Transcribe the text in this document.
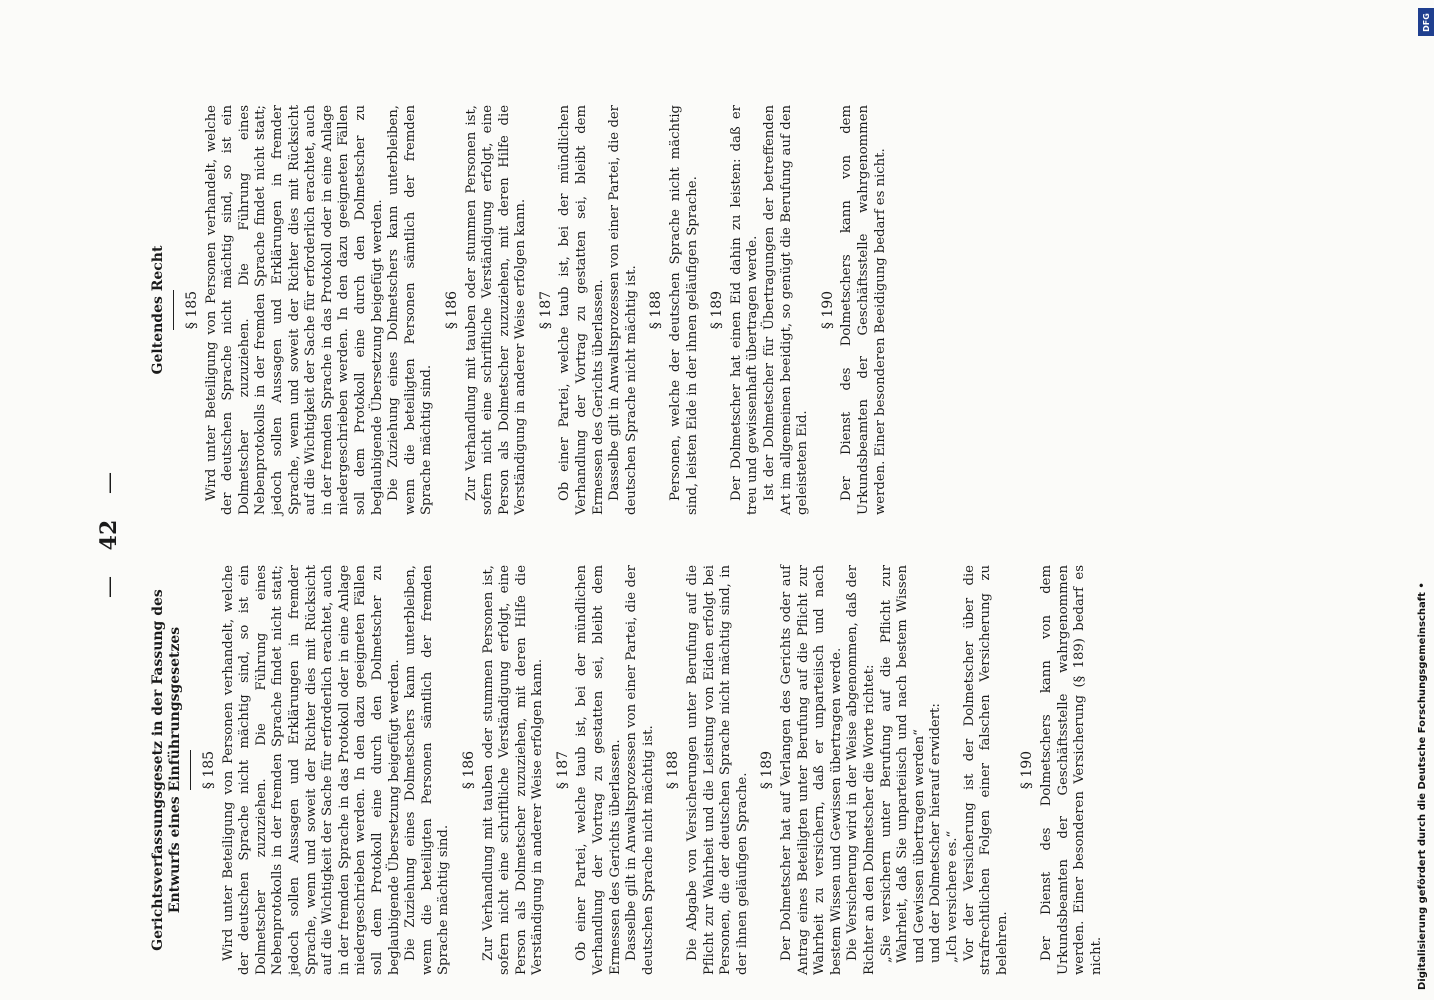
— 42 —
Gerichtsverfassungsgesetz in der Fassung des Entwurfs eines Einführungsgesetzes § 185 Wird unter Beteiligung von Personen verhandelt, welche der deutschen Sprache nicht mächtig sind, so ist ein Dolmetscher zuzuziehen. Die Führung eines Nebenprotokolls in der fremden Sprache findet nicht statt; jedoch sollen Aussagen und Erklärungen in fremder Sprache, wenn und soweit der Richter dies mit Rücksicht auf die Wichtigkeit der Sache für erforderlich erachtet, auch in der fremden Sprache in das Protokoll oder in eine Anlage niedergeschrieben werden. In den dazu geeigneten Fällen soll dem Protokoll eine durch den Dolmetscher zu beglaubigende Übersetzung beigefügt werden. Die Zuziehung eines Dolmetschers kann unterbleiben, wenn die beteiligten Personen sämtlich der fremden Sprache mächtig sind.

§ 186 Zur Verhandlung mit tauben oder stummen Personen ist, sofern nicht eine schriftliche Verständigung erfolgt, eine Person als Dolmetscher zuzuziehen, mit deren Hilfe die Verständigung in anderer Weise erfolgen kann. § 187 Ob einer Partei, welche taub ist, bei der mündlichen Verhandlung der Vortrag zu gestatten sei, bleibt dem Ermessen des Gerichts überlassen. Dasselbe gilt in Anwaltsprozessen von einer Partei, die der deutschen Sprache nicht mächtig ist. § 188 Die Abgabe von Versicherungen unter Berufung auf die Pflicht zur Wahrheit und die Leistung von Eiden erfolgt bei Personen, die der deutschen Sprache nicht mächtig sind, in der ihnen geläufigen Sprache.

§ 189 Der Dolmetscher hat auf Verlangen des Gerichts oder auf Antrag eines Beteiligten unter Berufung auf die Pflicht zur Wahrheit zu versichern, daß er unparteiisch und nach bestem Wissen und Gewissen übertragen werde. Die Versicherung wird in der Weise abgenommen, daß der Richter an den Dolmetscher die Worte richtet: „Sie versichern unter Berufung auf die Pflicht zur Wahrheit, daß Sie unparteiisch und nach bestem Wissen und Gewissen übertragen werden“ und der Dolmetscher hierauf erwidert: „Ich versichere es.“ Vor der Versicherung ist der Dolmetscher über die strafrechtlichen Folgen einer falschen Versicherung zu belehren.

§ 190 Der Dienst des Dolmetschers kann von dem Urkundsbeamten der Geschäftsstelle wahrgenommen werden. Einer besonderen Versicherung (§ 189) bedarf es nicht.

Geltendes Recht § 185 Wird unter Beteiligung von Personen verhandelt, welche der deutschen Sprache nicht mächtig sind, so ist ein Dolmetscher zuzuziehen. Die Führung eines Nebenprotokolls in der fremden Sprache findet nicht statt; jedoch sollen Aussagen und Erklärungen in fremder Sprache, wenn und soweit der Richter dies mit Rücksicht auf die Wichtigkeit der Sache für erforderlich erachtet, auch in der fremden Sprache in das Protokoll oder in eine Anlage niedergeschrieben werden. In den dazu geeigneten Fällen soll dem Protokoll eine durch den Dolmetscher zu beglaubigende Übersetzung beigefügt werden. Die Zuziehung eines Dolmetschers kann unterbleiben, wenn die beteiligten Personen sämtlich der fremden Sprache mächtig sind.

§ 186 Zur Verhandlung mit tauben oder stummen Personen ist, sofern nicht eine schriftliche Verständigung erfolgt, eine Person als Dolmetscher zuzuziehen, mit deren Hilfe die Verständigung in anderer Weise erfolgen kann. § 187 Ob einer Partei, welche taub ist, bei der mündlichen Verhandlung der Vortrag zu gestatten sei, bleibt dem Ermessen des Gerichts überlassen. Dasselbe gilt in Anwaltsprozessen von einer Partei, die der deutschen Sprache nicht mächtig ist. § 188 Personen, welche der deutschen Sprache nicht mächtig sind, leisten Eide in der ihnen geläufigen Sprache. § 189 Der Dolmetscher hat einen Eid dahin zu leisten: daß er treu und gewissenhaft übertragen werde. Ist der Dolmetscher für Übertragungen der betreffenden Art im allgemeinen beeidigt, so genügt die Berufung auf den geleisteten Eid.

§ 190 Der Dienst des Dolmetschers kann von dem Urkundsbeamten der Geschäftsstelle wahrgenommen werden. Einer besonderen Beeidigung bedarf es nicht.

Digitalisierung gefördert durch die Deutsche Forschungsgemeinschaft •
DFG
